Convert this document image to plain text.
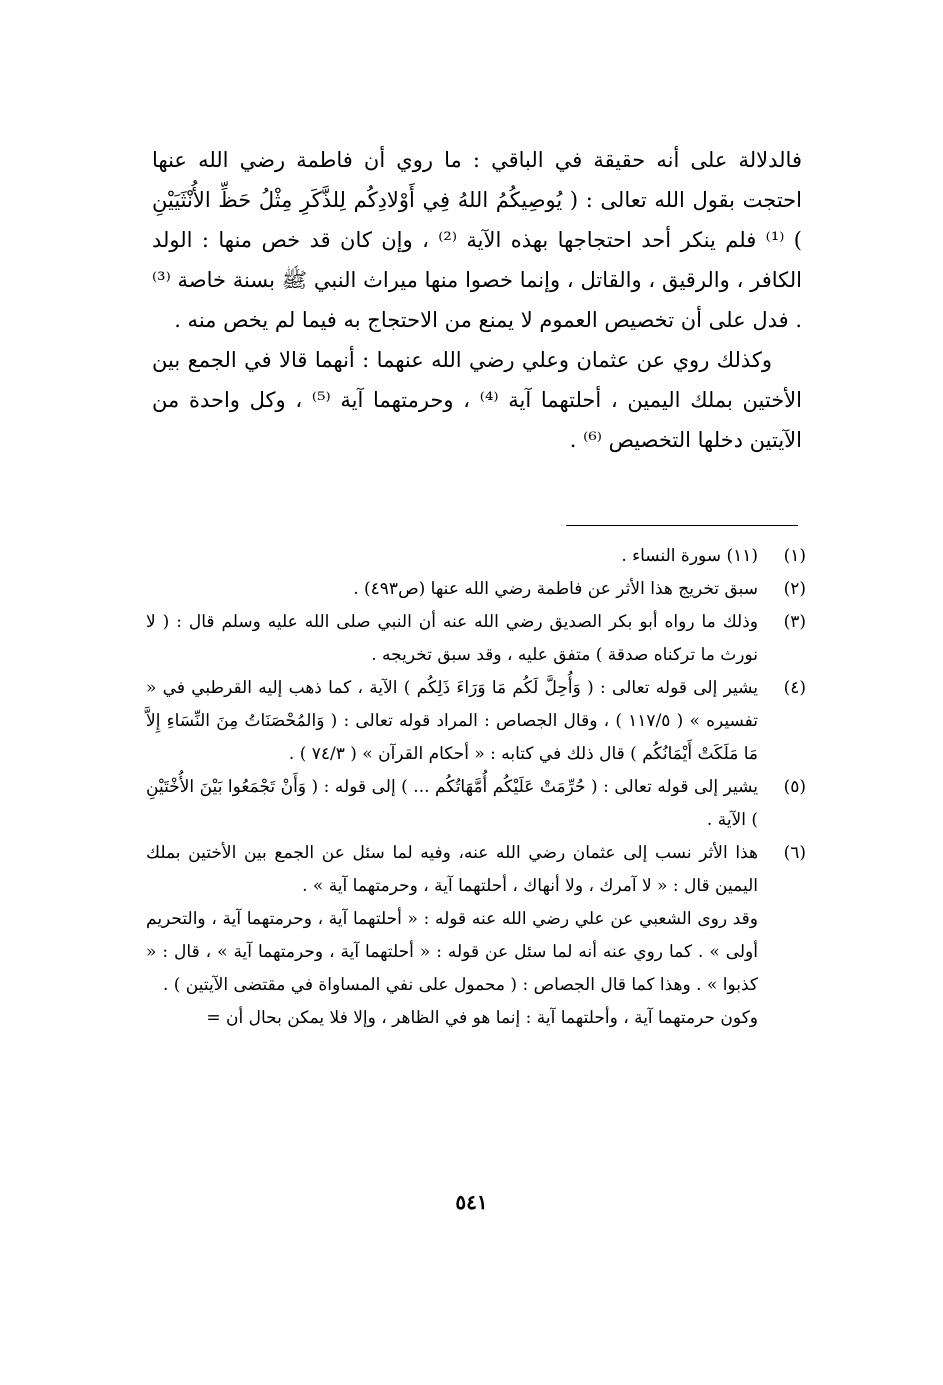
فالدلالة على أنه حقيقة في الباقي : ما روي أن فاطمة رضي الله عنها احتجت بقول الله تعالى : ( يُوصِيكُمُ اللهُ فِي أَوْلادِكُم لِلذَّكَرِ مِثْلُ حَظِّ الأُنْثَيَيْنِ ) ⁽¹⁾ فلم ينكر أحد احتجاجها بهذه الآية ⁽²⁾ ، وإن كان قد خص منها : الولد الكافر ، والرقيق ، والقاتل ، وإنما خصوا منها ميراث النبي ﷺ بسنة خاصة ⁽³⁾ . فدل على أن تخصيص العموم لا يمنع من الاحتجاج به فيما لم يخص منه .

وكذلك روي عن عثمان وعلي رضي الله عنهما : أنهما قالا في الجمع بين الأختين بملك اليمين ، أحلتهما آية ⁽⁴⁾ ، وحرمتهما آية ⁽⁵⁾ ، وكل واحدة من الآيتين دخلها التخصيص ⁽⁶⁾ .

(١)

(١١) سورة النساء .

(٢)

سبق تخريج هذا الأثر عن فاطمة رضي الله عنها (ص٤٩٣) .

(٣)

وذلك ما رواه أبو بكر الصديق رضي الله عنه أن النبي صلى الله عليه وسلم قال : ( لا نورث ما تركناه صدقة ) متفق عليه ، وقد سبق تخريجه .

(٤)

يشير إلى قوله تعالى : ( وَأُحِلَّ لَكُم مَا وَرَاءَ ذَلِكُم ) الآية ، كما ذهب إليه القرطبي في « تفسيره » ( ١١٧/٥ ) ، وقال الجصاص : المراد قوله تعالى : ( وَالمُحْصَنَاتُ مِنَ النِّسَاءِ إِلاَّ مَا مَلَكَتْ أَيْمَانُكُم ) قال ذلك في كتابه : « أحكام القرآن » ( ٧٤/٣ ) .

(٥)

يشير إلى قوله تعالى : ( حُرِّمَتْ عَلَيْكُم أُمَّهَاتُكُم ... ) إلى قوله : ( وَأَنْ تَجْمَعُوا بَيْنَ الأُخْتَيْنِ ) الآية .

(٦)

هذا الأثر نسب إلى عثمان رضي الله عنه، وفيه لما سئل عن الجمع بين الأختين بملك اليمين قال : « لا آمرك ، ولا أنهاك ، أحلتهما آية ، وحرمتهما آية » .

وقد روى الشعبي عن علي رضي الله عنه قوله : « أحلتهما آية ، وحرمتهما آية ، والتحريم أولى » . كما روي عنه أنه لما سئل عن قوله : « أحلتهما آية ، وحرمتهما آية » ، قال : « كذبوا » . وهذا كما قال الجصاص : ( محمول على نفي المساواة في مقتضى الآيتين ) .

وكون حرمتهما آية ، وأحلتهما آية : إنما هو في الظاهر ، وإلا فلا يمكن بحال أن =

٥٤١
